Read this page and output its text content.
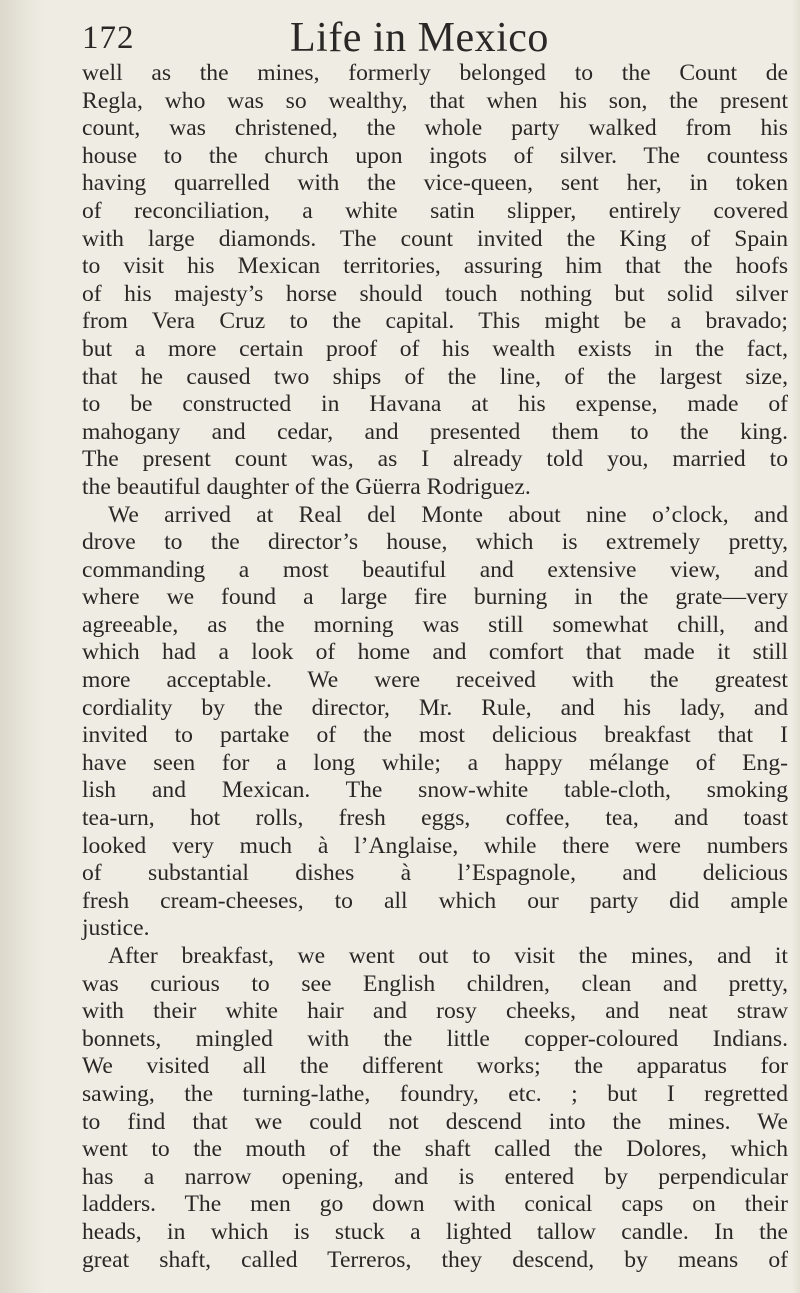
172	Life in Mexico
well as the mines, formerly belonged to the Count de
Regla, who was so wealthy, that when his son, the present
count, was christened, the whole party walked from his
house to the church upon ingots of silver. The countess
having quarrelled with the vice-queen, sent her, in token
of reconciliation, a white satin slipper, entirely covered
with large diamonds. The count invited the King of Spain
to visit his Mexican territories, assuring him that the hoofs
of his majesty’s horse should touch nothing but solid silver
from Vera Cruz to the capital. This might be a bravado;
but a more certain proof of his wealth exists in the fact,
that he caused two ships of the line, of the largest size,
to be constructed in Havana at his expense, made of
mahogany and cedar, and presented them to the king.
The present count was, as I already told you, married to
the beautiful daughter of the Güerra Rodriguez.
We arrived at Real del Monte about nine o’clock, and
drove to the director’s house, which is extremely pretty,
commanding a most beautiful and extensive view, and
where we found a large fire burning in the grate—very
agreeable, as the morning was still somewhat chill, and
which had a look of home and comfort that made it still
more acceptable. We were received with the greatest
cordiality by the director, Mr. Rule, and his lady, and
invited to partake of the most delicious breakfast that I
have seen for a long while; a happy mélange of Eng-
lish and Mexican. The snow-white table-cloth, smoking
tea-urn, hot rolls, fresh eggs, coffee, tea, and toast
looked very much à l’Anglaise, while there were numbers
of substantial dishes à l’Espagnole, and delicious
fresh cream-cheeses, to all which our party did ample
justice.
After breakfast, we went out to visit the mines, and it
was curious to see English children, clean and pretty,
with their white hair and rosy cheeks, and neat straw
bonnets, mingled with the little copper-coloured Indians.
We visited all the different works; the apparatus for
sawing, the turning-lathe, foundry, etc. ; but I regretted
to find that we could not descend into the mines. We
went to the mouth of the shaft called the Dolores, which
has a narrow opening, and is entered by perpendicular
ladders. The men go down with conical caps on their
heads, in which is stuck a lighted tallow candle. In the
great shaft, called Terreros, they descend, by means of
